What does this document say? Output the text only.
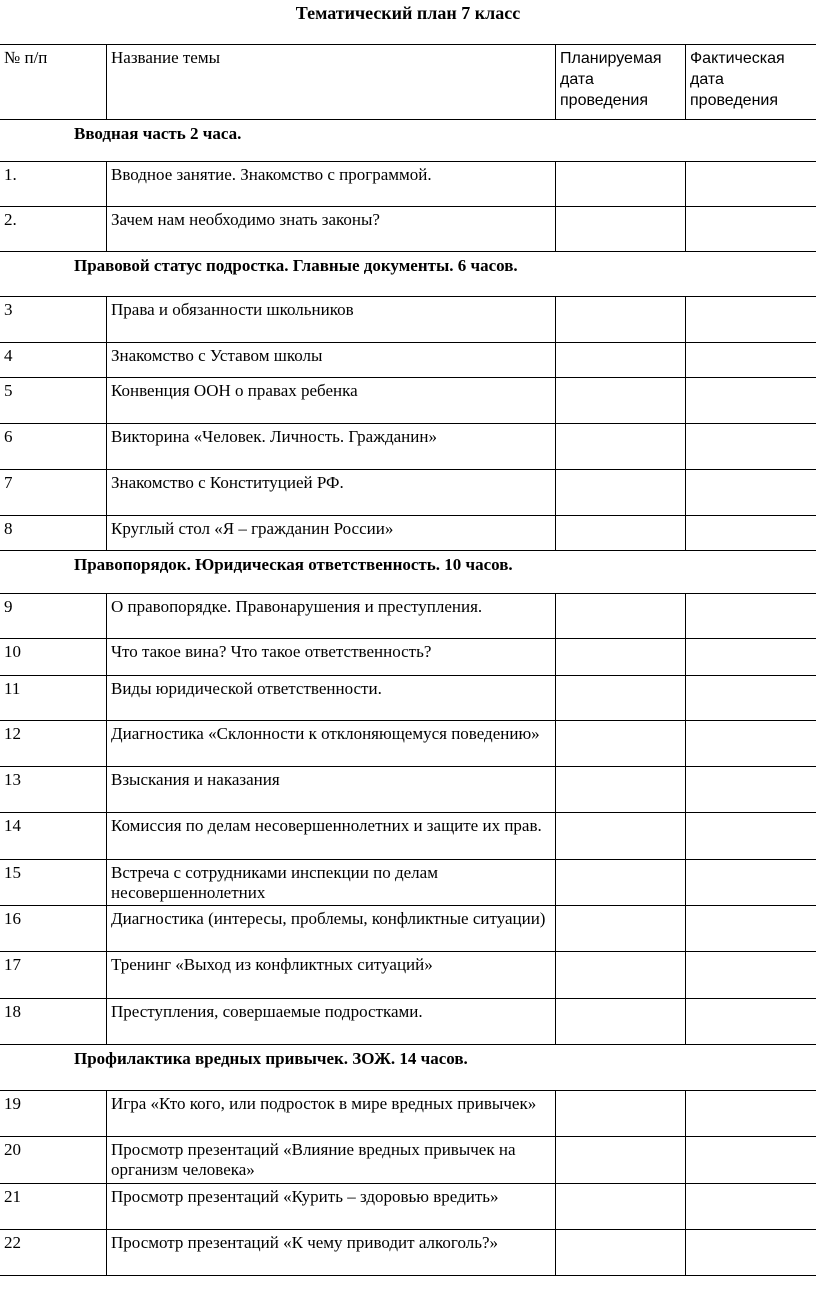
Тематический план 7 класс
№ п/п	Название темы	Планируемая дата проведения	Фактическая дата проведения
Вводная часть 2 часа.			
1.	Вводное занятие. Знакомство с программой.		
2.	Зачем нам необходимо знать законы?		
Правовой статус подростка. Главные документы. 6 часов.			
3	Права и обязанности школьников		
4	Знакомство с Уставом школы		
5	Конвенция ООН о правах ребенка		
6	Викторина «Человек. Личность. Гражданин»		
7	Знакомство с Конституцией РФ.		
8	Круглый стол «Я – гражданин России»		
Правопорядок. Юридическая ответственность. 10 часов.			
9	О правопорядке. Правонарушения и преступления.		
10	Что такое вина? Что такое ответственность?		
11	Виды юридической ответственности.		
12	Диагностика «Склонности к отклоняющемуся поведению»		
13	Взыскания и наказания		
14	Комиссия по делам несовершеннолетних и защите их прав.		
15	Встреча с сотрудниками инспекции по делам несовершеннолетних		
16	Диагностика (интересы, проблемы, конфликтные ситуации)		
17	Тренинг «Выход из конфликтных ситуаций»		
18	Преступления, совершаемые подростками.		
Профилактика вредных привычек. ЗОЖ. 14 часов.			
19	Игра «Кто кого, или подросток в мире вредных привычек»		
20	Просмотр презентаций «Влияние вредных привычек на организм человека»		
21	Просмотр презентаций «Курить – здоровью вредить»		
22	Просмотр презентаций «К чему приводит алкоголь?»		
